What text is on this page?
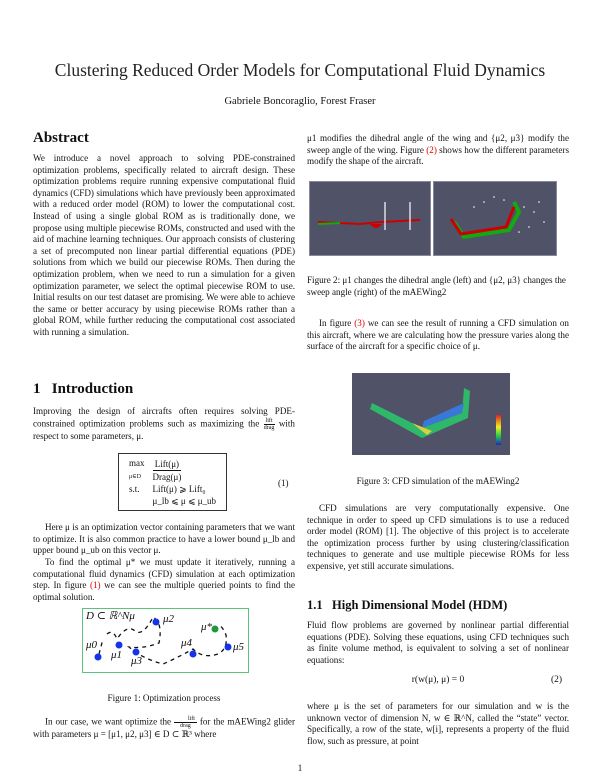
Clustering Reduced Order Models for Computational Fluid Dynamics
Gabriele Boncoraglio, Forest Fraser
Abstract
We introduce a novel approach to solving PDE-constrained optimization problems, specifically related to aircraft design. These optimization problems require running expensive computational fluid dynamics (CFD) simulations which have previously been approximated with a reduced order model (ROM) to lower the computational cost. Instead of using a single global ROM as is traditionally done, we propose using multiple piecewise ROMs, constructed and used with the aid of machine learning techniques. Our approach consists of clustering a set of precomputed non linear partial differential equations (PDE) solutions from which we build our piecewise ROMs. Then during the optimization problem, when we need to run a simulation for a given optimization parameter, we select the optimal piecewise ROM to use. Initial results on our test dataset are promising. We were able to achieve the same or better accuracy by using piecewise ROMs rather than a global ROM, while further reducing the computational cost associated with running a simulation.
1 Introduction
Improving the design of aircrafts often requires solving PDE-constrained optimization problems such as maximizing the $\frac{\text{lift}}{\text{drag}}$ with respect to some parameters, μ.
max
μ∈D	$\frac{\text{Lift(μ)}}{\text{Drag(μ)}}$
s.t.	Lift(μ) ⩾ Lift₀
	μ_lb ⩽ μ ⩽ μ_ub
(1)
Here μ is an optimization vector containing parameters that we want to optimize. It is also common practice to have a lower bound μ_lb and upper bound μ_ub on this vector μ.
To find the optimal μ* we must update it iteratively, running a computational fluid dynamics (CFD) simulation at each optimization step. In figure (1) we can see the multiple queried points to find the optimal solution.
D ⊂ ℝ^Nμ
μ0
μ1
μ2
μ3
μ4	μ5
μ*
Figure 1: Optimization process
In our case, we want optimize the $\frac{\text{lift}}{\text{drag}}$ for the mAEWing2 glider with parameters μ = [μ1, μ2, μ3] ∈ D ⊂ ℝ³ where
μ1 modifies the dihedral angle of the wing and {μ2, μ3} modify the sweep angle of the wing. Figure (2) shows how the different parameters modify the shape of the aircraft.
Figure 2: μ1 changes the dihedral angle (left) and {μ2, μ3} changes the sweep angle (right) of the mAEWing2
In figure (3) we can see the result of running a CFD simulation on this aircraft, where we are calculating how the pressure varies along the surface of the aircraft for a specific choice of μ.
Figure 3: CFD simulation of the mAEWing2
CFD simulations are very computationally expensive. One technique in order to speed up CFD simulations is to use a reduced order model (ROM) [1]. The objective of this project is to accelerate the optimization process further by using clustering/classification techniques to generate and use multiple piecewise ROMs for less expensive, yet still accurate simulations.
1.1 High Dimensional Model (HDM)
Fluid flow problems are governed by nonlinear partial differential equations (PDE). Solving these equations, using CFD techniques such as finite volume method, is equivalent to solving a set of nonlinear equations:
r(w(μ), μ) = 0	(2)
where μ is the set of parameters for our simulation and w is the unknown vector of dimension N, w ∈ ℝ^N, called the “state” vector. Specifically, a row of the state, w[i], represents a property of the fluid flow, such as pressure, at point
1
